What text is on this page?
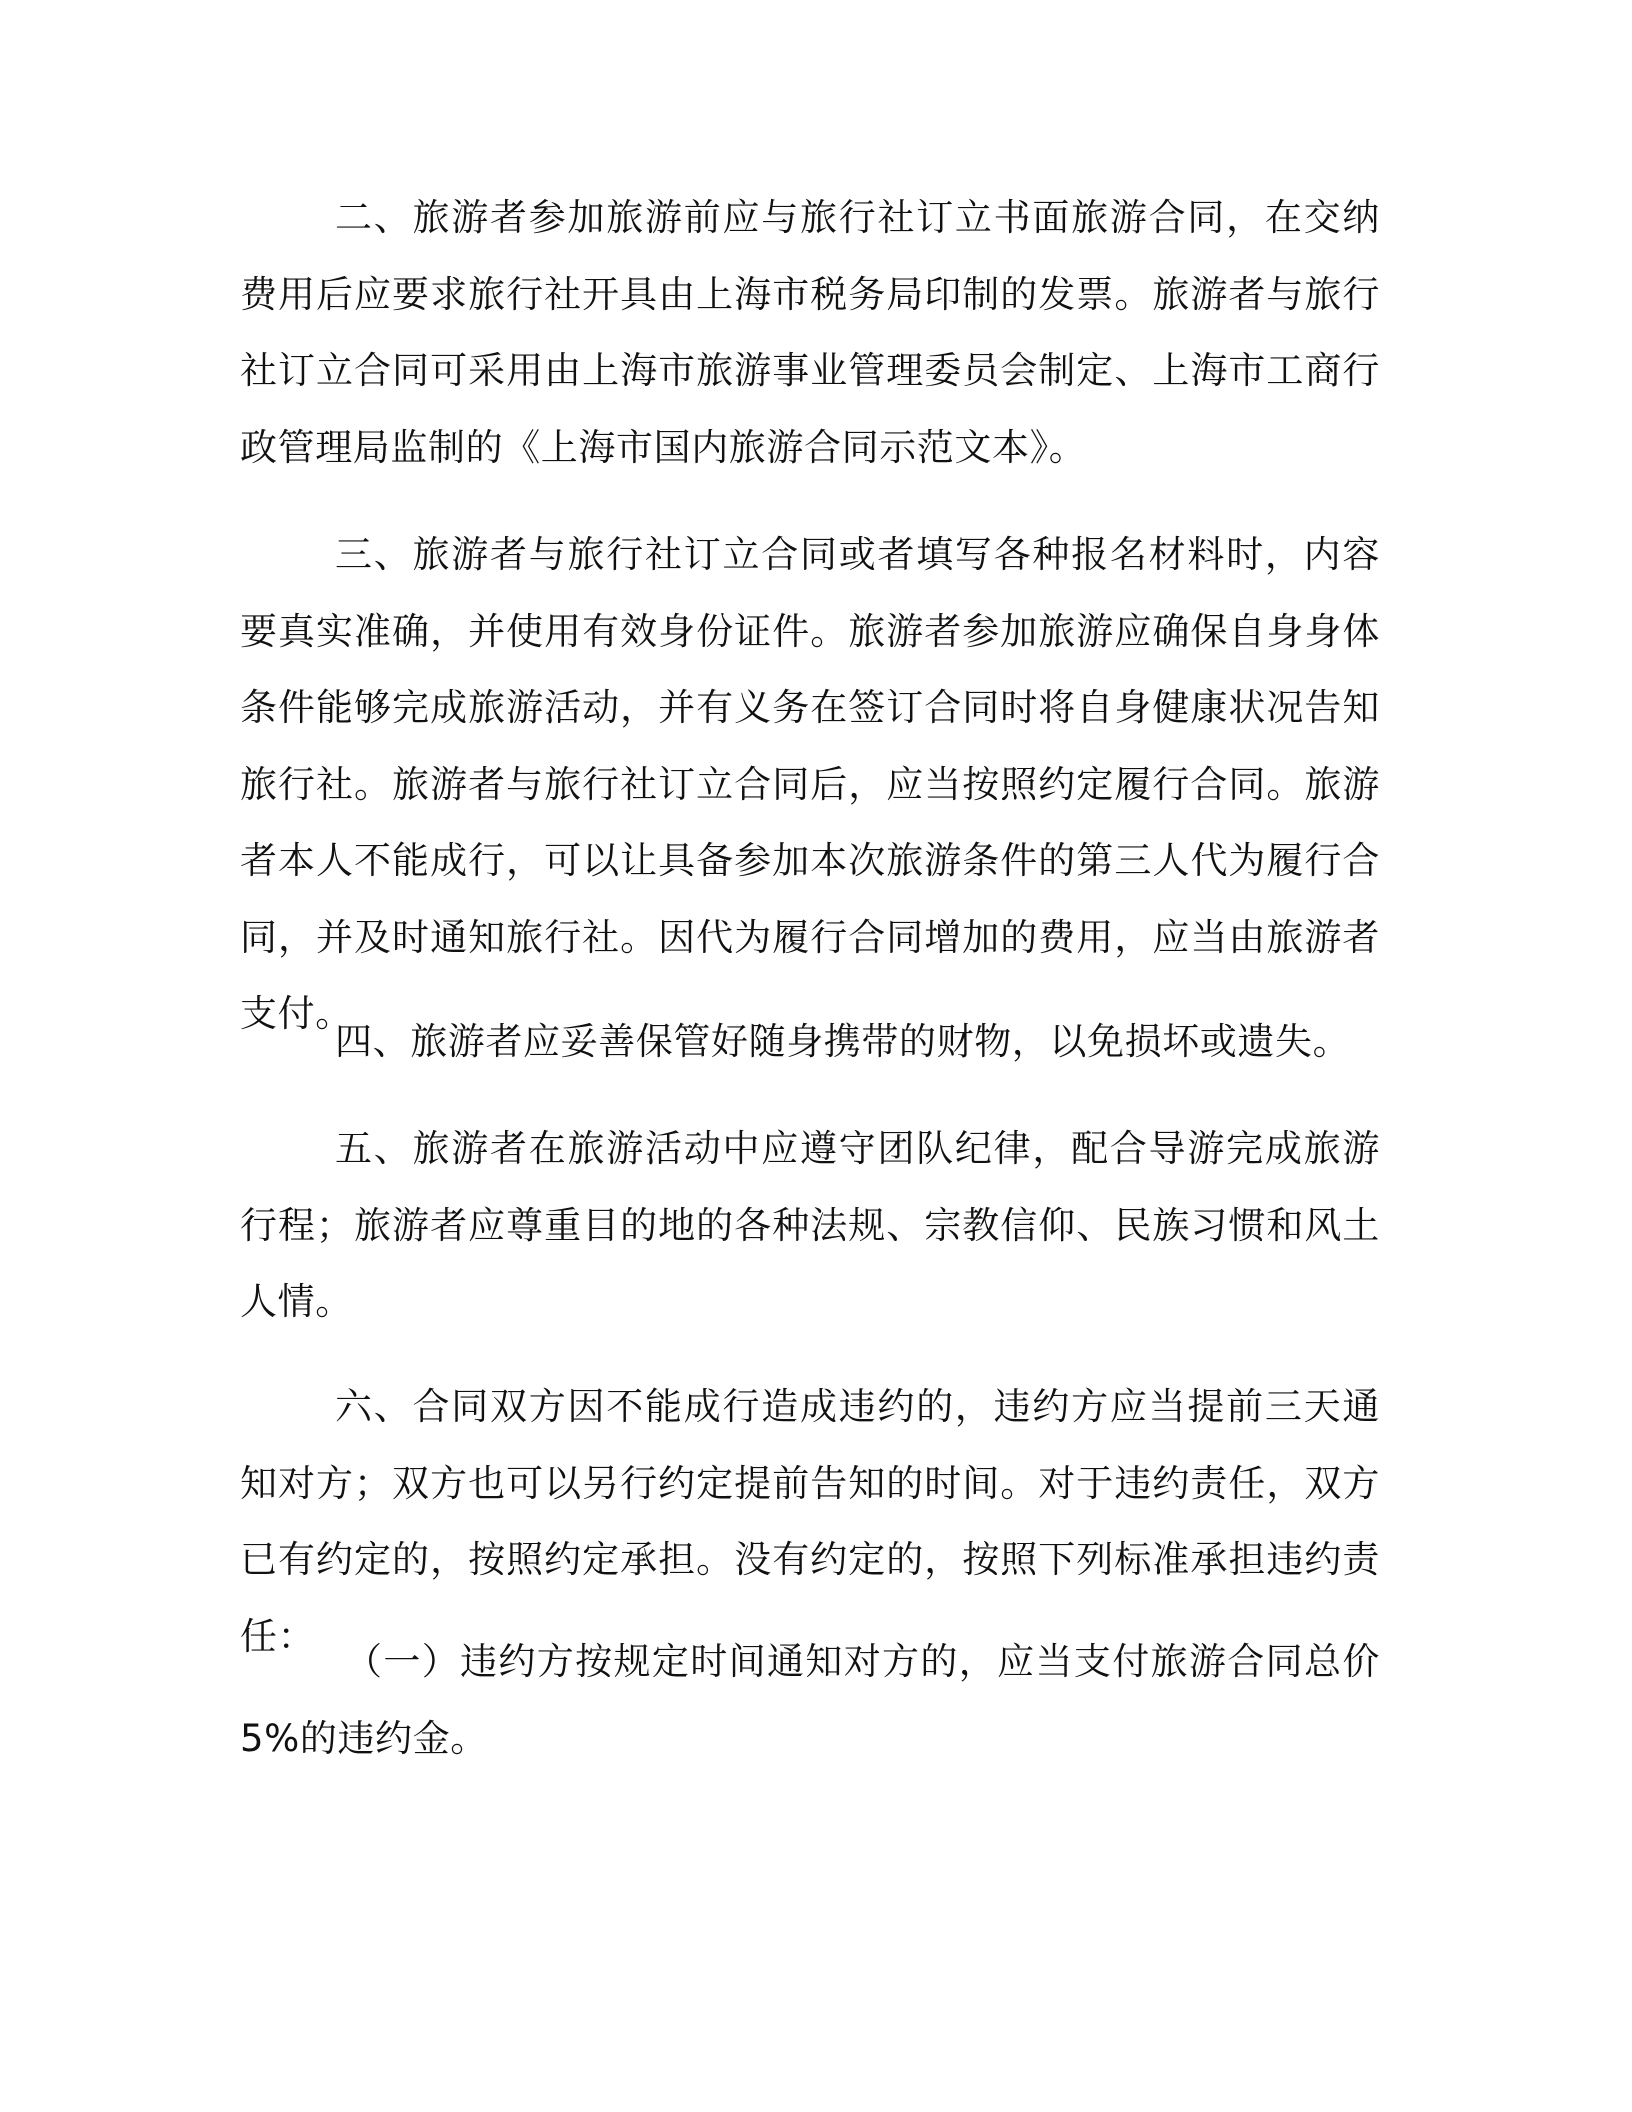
二、旅游者参加旅游前应与旅行社订立书面旅游合同，在交纳费用后应要求旅行社开具由上海市税务局印制的发票。旅游者与旅行社订立合同可采用由上海市旅游事业管理委员会制定、上海市工商行政管理局监制的《上海市国内旅游合同示范文本》。

三、旅游者与旅行社订立合同或者填写各种报名材料时，内容要真实准确，并使用有效身份证件。旅游者参加旅游应确保自身身体条件能够完成旅游活动，并有义务在签订合同时将自身健康状况告知旅行社。旅游者与旅行社订立合同后，应当按照约定履行合同。旅游者本人不能成行，可以让具备参加本次旅游条件的第三人代为履行合同，并及时通知旅行社。因代为履行合同增加的费用，应当由旅游者支付。

四、旅游者应妥善保管好随身携带的财物，以免损坏或遗失。

五、旅游者在旅游活动中应遵守团队纪律，配合导游完成旅游行程；旅游者应尊重目的地的各种法规、宗教信仰、民族习惯和风土人情。

六、合同双方因不能成行造成违约的，违约方应当提前三天通知对方；双方也可以另行约定提前告知的时间。对于违约责任，双方已有约定的，按照约定承担。没有约定的，按照下列标准承担违约责任：

（一）违约方按规定时间通知对方的，应当支付旅游合同总价5%的违约金。
